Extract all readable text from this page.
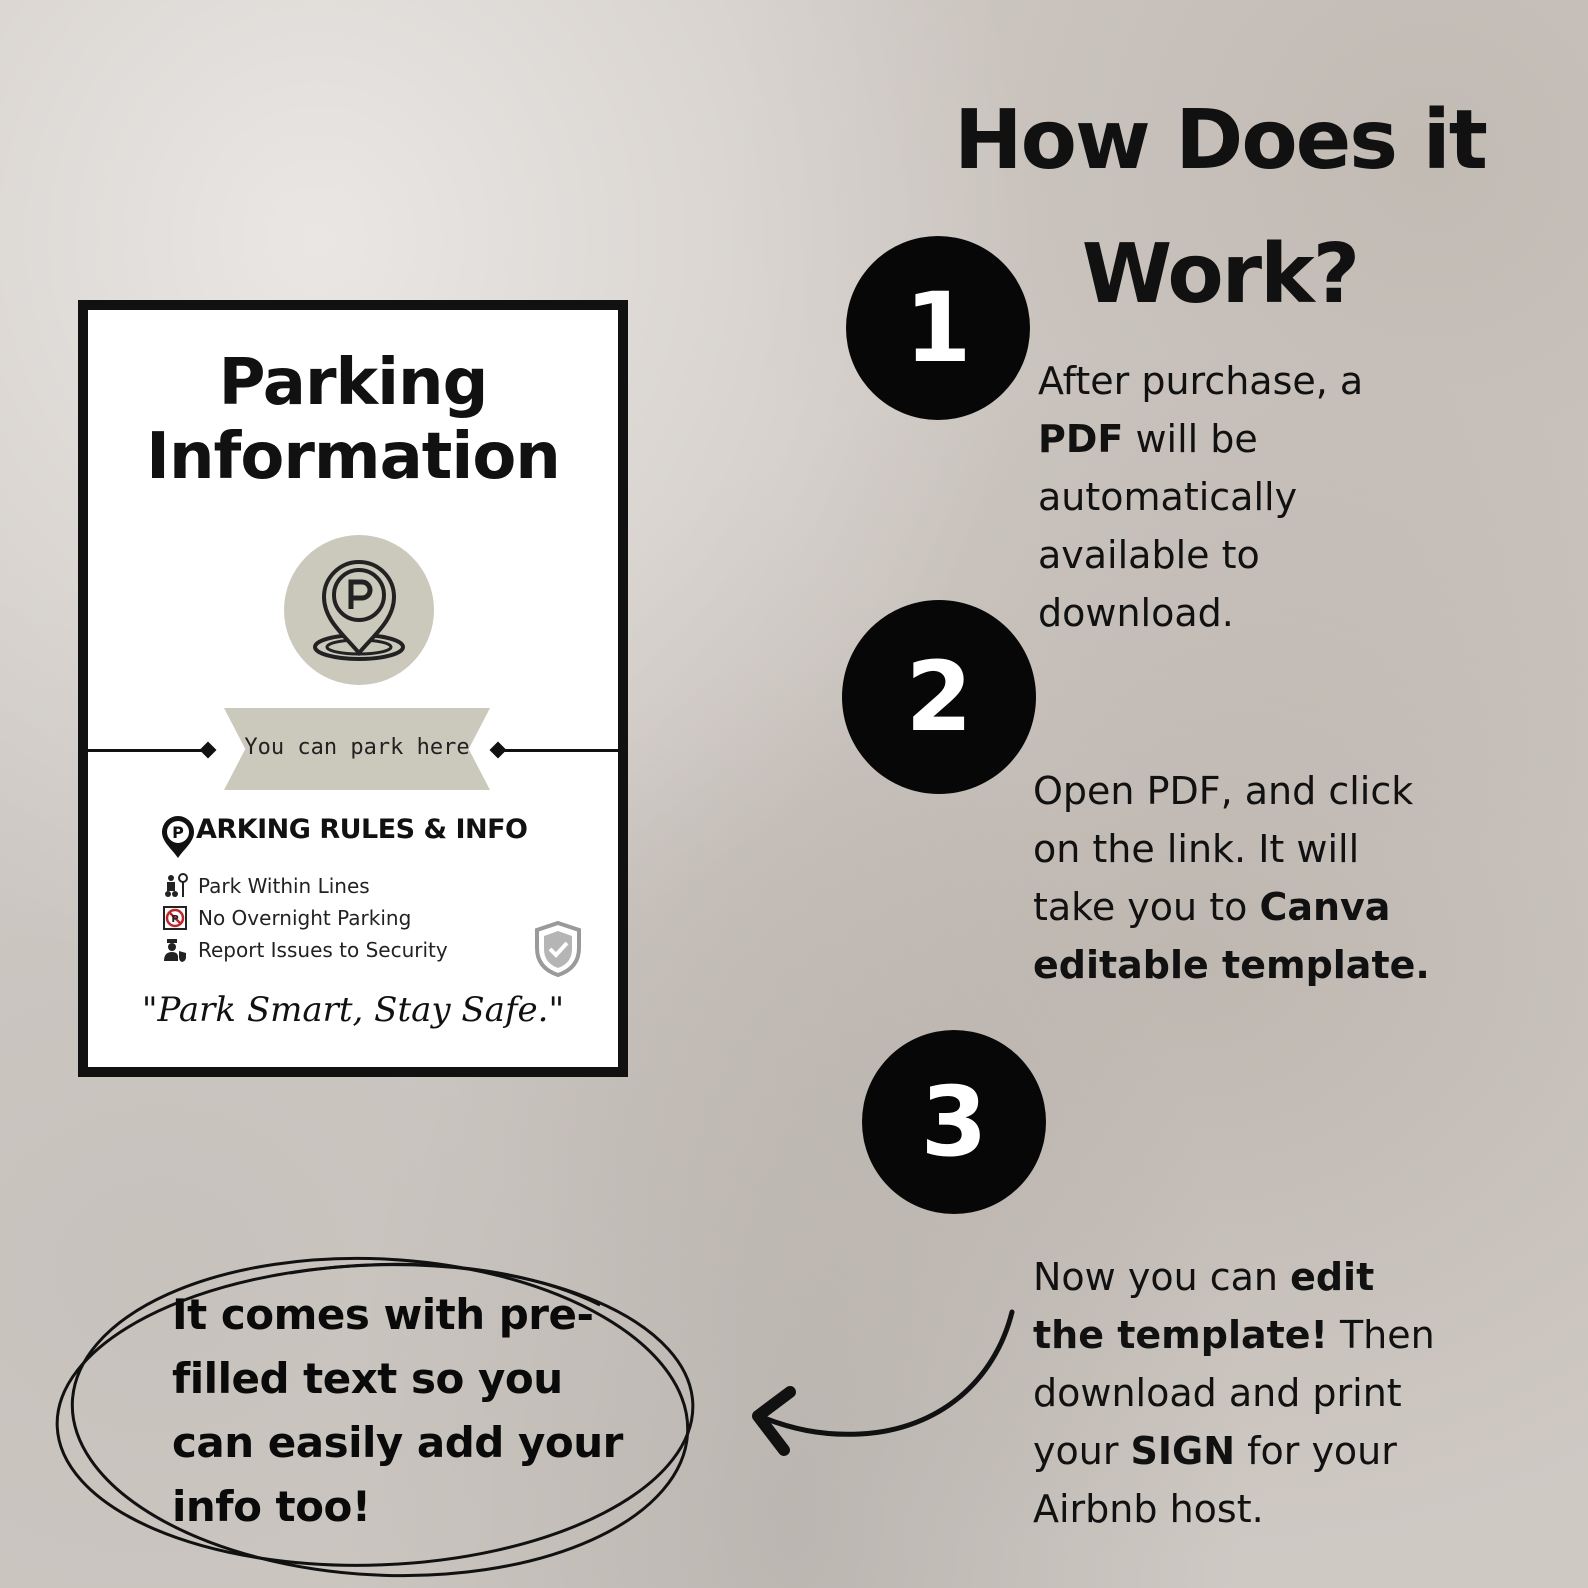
Parking
Information
You can park here
P ARKING RULES & INFO
Park Within Lines
P No Overnight Parking
Report Issues to Security
"Park Smart, Stay Safe."
How Does it
Work?
1
2
3
After purchase, a
PDF will be
automatically
available to
download.
Open PDF, and click
on the link. It will
take you to Canva
editable template.
Now you can edit
the template! Then
download and print
your SIGN for your
Airbnb host.
It comes with pre-
filled text so you
can easily add your
info too!
